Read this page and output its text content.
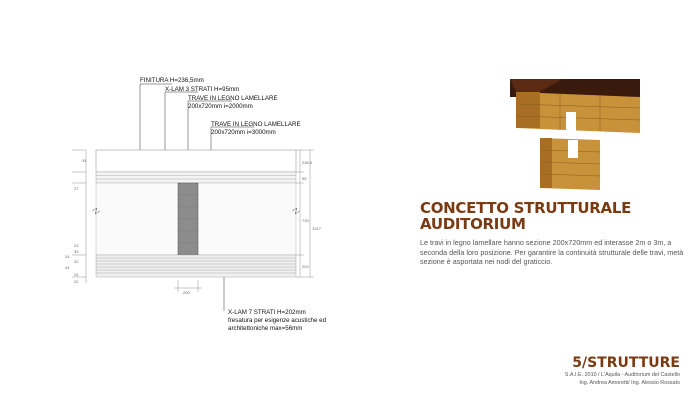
34
27
23
33
24
32
24
24
22
236,5
95
720
202
1017
200
FINITURA H=236,5mm
X-LAM 3 STRATI H=95mm
TRAVE IN LEGNO LAMELLARE
200x720mm i=2000mm
TRAVE IN LEGNO LAMELLARE
200x720mm i=3000mm
X-LAM 7 STRATI H=202mm
fresatura per esigenze acustiche ed
architettoniche max=56mm
CONCETTO STRUTTURALE
AUDITORIUM
Le travi in legno lamellare hanno sezione 200x720mm ed interasse 2m o 3m, a seconda della loro posizione. Per garantire la continuità strutturale delle travi, metà sezione è asportata nei nodi del graticcio.
5/STRUTTURE
S.A.I.E. 2010 / L'Aquila - Auditorium del Castello
Ing. Andrea Amoretti/ Ing. Alessio Rossato
